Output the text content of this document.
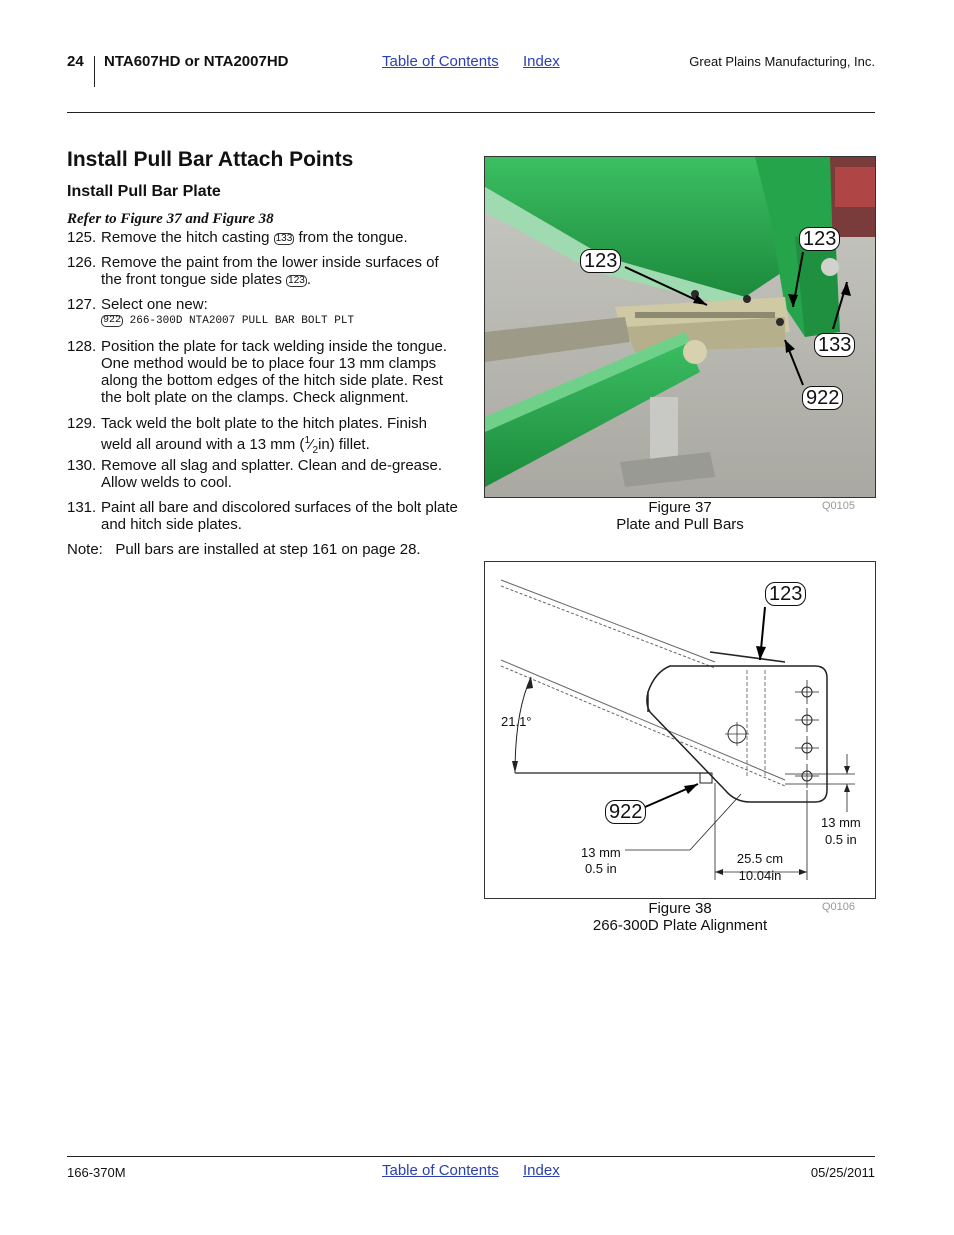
24 NTA607HD or NTA2007HD	Table of Contents Index	Great Plains Manufacturing, Inc.
Install Pull Bar Attach Points
Install Pull Bar Plate
Refer to Figure 37 and Figure 38
125. Remove the hitch casting 133 from the tongue.
126. Remove the paint from the lower inside surfaces of the front tongue side plates 123 .
127. Select one new:
922 266-300D NTA2007 PULL BAR BOLT PLT
128. Position the plate for tack welding inside the tongue. One method would be to place four 13 mm clamps along the bottom edges of the hitch side plate. Rest the bolt plate on the clamps. Check alignment.
129. Tack weld the bolt plate to the hitch plates. Finish weld all around with a 13 mm $(^1⁄_2in)$ fillet.
130. Remove all slag and splatter. Clean and de-grease. Allow welds to cool.
131. Paint all bare and discolored surfaces of the bolt plate and hitch side plates.
Note: Pull bars are installed at step 161 on page 28.
123
123
133
922
Figure 37
Plate and Pull Bars
Q0105
123
922
21.1°
13 mm
0.5 in
13 mm
0.5 in
25.5 cm
10.04in
Figure 38
266-300D Plate Alignment
Q0106
166-370M	Table of Contents Index	05/25/2011
